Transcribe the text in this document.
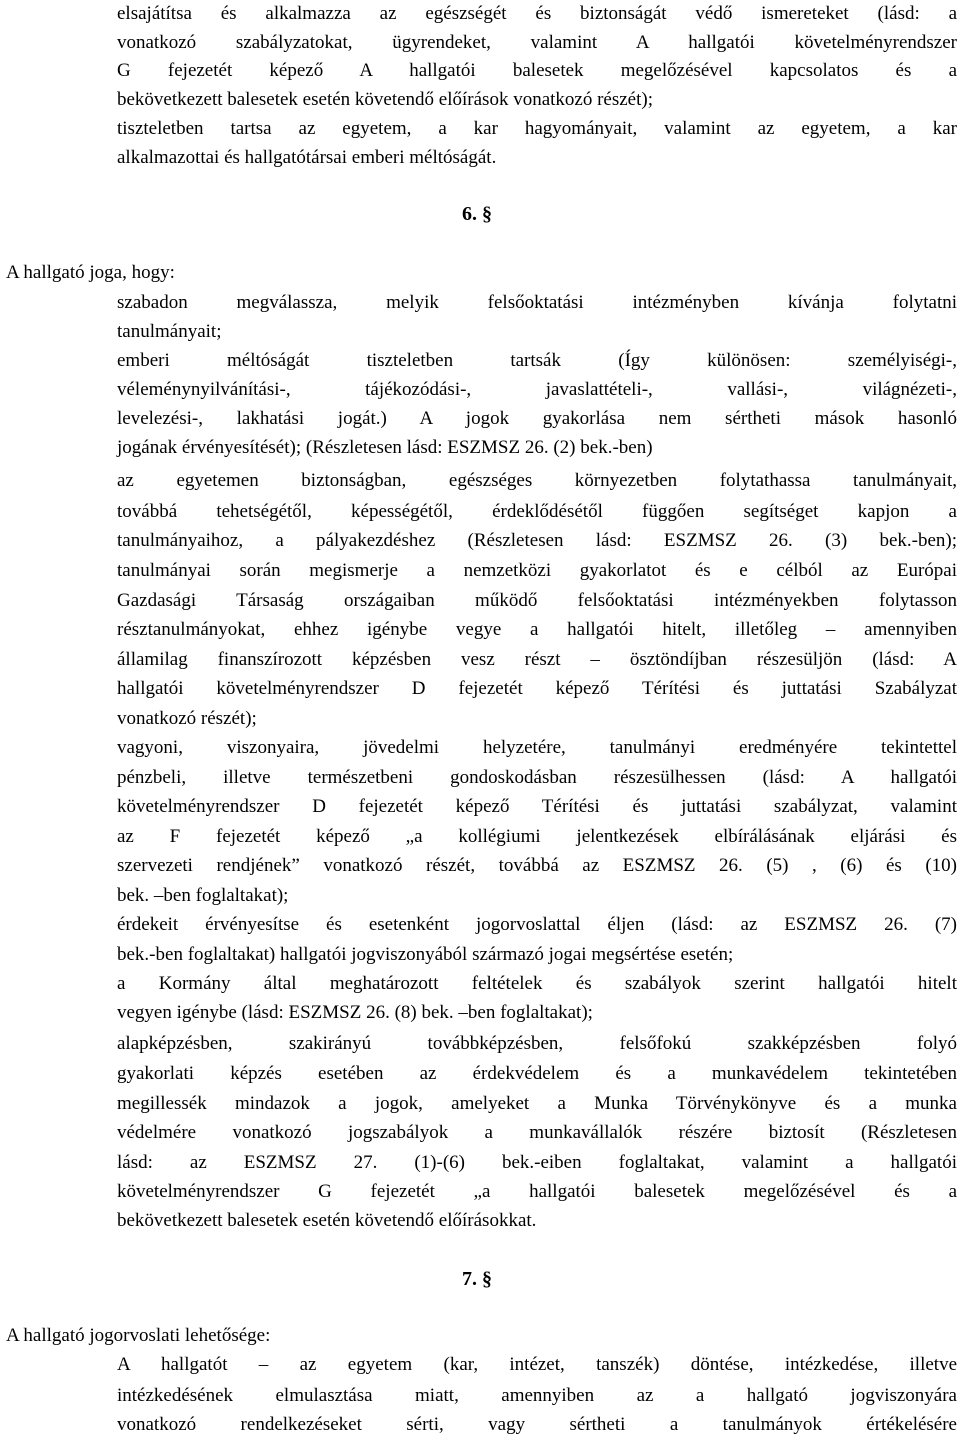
elsajátítsa és alkalmazza az egészségét és biztonságát védő ismereteket (lásd: a
vonatkozó szabályzatokat, ügyrendeket, valamint A hallgatói követelményrendszer
G fejezetét képező A hallgatói balesetek megelőzésével kapcsolatos és a
bekövetkezett balesetek esetén követendő előírások vonatkozó részét);
tiszteletben tartsa az egyetem, a kar hagyományait, valamint az egyetem, a kar
alkalmazottai és hallgatótársai emberi méltóságát.
6. §
A hallgató joga, hogy:
szabadon megválassza, melyik felsőoktatási intézményben kívánja folytatni
tanulmányait;
emberi méltóságát tiszteletben tartsák (Így különösen: személyiségi-,
véleménynyilvánítási-, tájékozódási-, javaslattételi-, vallási-, világnézeti-,
levelezési-, lakhatási jogát.) A jogok gyakorlása nem sértheti mások hasonló
jogának érvényesítését); (Részletesen lásd: ESZMSZ 26. (2) bek.-ben)
az egyetemen biztonságban, egészséges környezetben folytathassa tanulmányait,
továbbá tehetségétől, képességétől, érdeklődésétől függően segítséget kapjon a
tanulmányaihoz, a pályakezdéshez (Részletesen lásd: ESZMSZ 26. (3) bek.-ben);
tanulmányai során megismerje a nemzetközi gyakorlatot és e célból az Európai
Gazdasági Társaság országaiban működő felsőoktatási intézményekben folytasson
résztanulmányokat, ehhez igénybe vegye a hallgatói hitelt, illetőleg – amennyiben
államilag finanszírozott képzésben vesz részt – ösztöndíjban részesüljön (lásd: A
hallgatói követelményrendszer D fejezetét képező Térítési és juttatási Szabályzat
vonatkozó részét);
vagyoni, viszonyaira, jövedelmi helyzetére, tanulmányi eredményére tekintettel
pénzbeli, illetve természetbeni gondoskodásban részesülhessen (lásd: A hallgatói
követelményrendszer D fejezetét képező Térítési és juttatási szabályzat, valamint
az F fejezetét képező „a kollégiumi jelentkezések elbírálásának eljárási és
szervezeti rendjének” vonatkozó részét, továbbá az ESZMSZ 26. (5) , (6) és (10)
bek. –ben foglaltakat);
érdekeit érvényesítse és esetenként jogorvoslattal éljen (lásd: az ESZMSZ 26. (7)
bek.-ben foglaltakat) hallgatói jogviszonyából származó jogai megsértése esetén;
a Kormány által meghatározott feltételek és szabályok szerint hallgatói hitelt
vegyen igénybe (lásd: ESZMSZ 26. (8) bek. –ben foglaltakat);
alapképzésben, szakirányú továbbképzésben, felsőfokú szakképzésben folyó
gyakorlati képzés esetében az érdekvédelem és a munkavédelem tekintetében
megillessék mindazok a jogok, amelyeket a Munka Törvénykönyve és a munka
védelmére vonatkozó jogszabályok a munkavállalók részére biztosít (Részletesen
lásd: az ESZMSZ 27. (1)-(6) bek.-eiben foglaltakat, valamint a hallgatói
követelményrendszer G fejezetét „a hallgatói balesetek megelőzésével és a
bekövetkezett balesetek esetén követendő előírásokkat.
7. §
A hallgató jogorvoslati lehetősége:
A hallgatót – az egyetem (kar, intézet, tanszék) döntése, intézkedése, illetve
intézkedésének elmulasztása miatt, amennyiben az a hallgató jogviszonyára
vonatkozó rendelkezéseket sérti, vagy sértheti a tanulmányok értékelésére
